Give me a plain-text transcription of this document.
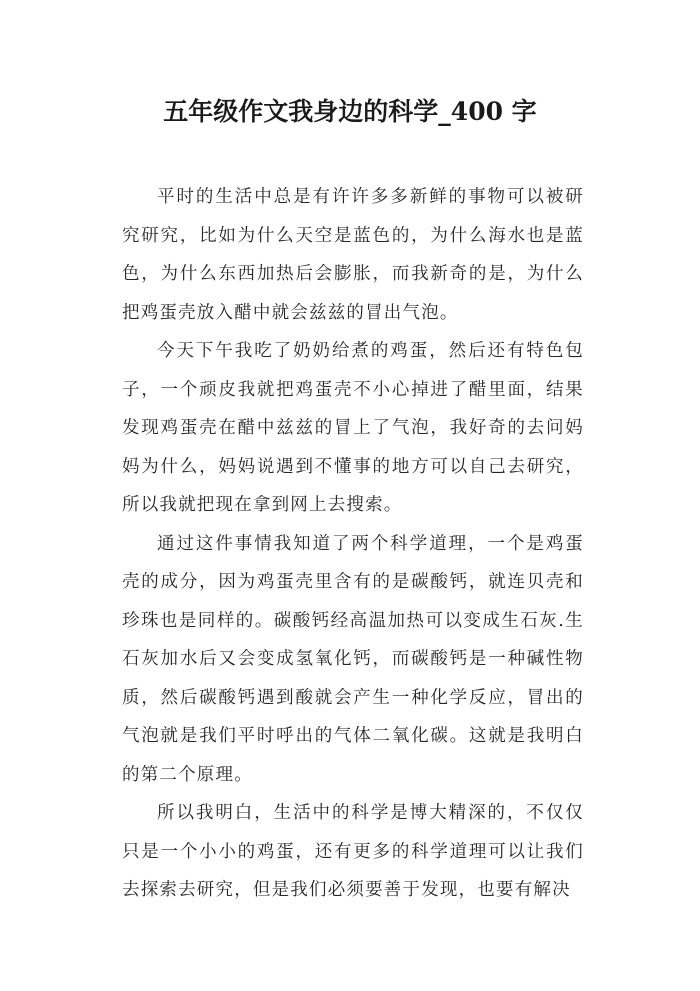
五年级作文我身边的科学_400 字

平时的生活中总是有许许多多新鲜的事物可以被研究研究，比如为什么天空是蓝色的，为什么海水也是蓝色，为什么东西加热后会膨胀，而我新奇的是，为什么把鸡蛋壳放入醋中就会兹兹的冒出气泡。

今天下午我吃了奶奶给煮的鸡蛋，然后还有特色包子，一个顽皮我就把鸡蛋壳不小心掉进了醋里面，结果发现鸡蛋壳在醋中兹兹的冒上了气泡，我好奇的去问妈妈为什么，妈妈说遇到不懂事的地方可以自己去研究，所以我就把现在拿到网上去搜索。

通过这件事情我知道了两个科学道理，一个是鸡蛋壳的成分，因为鸡蛋壳里含有的是碳酸钙，就连贝壳和珍珠也是同样的。碳酸钙经高温加热可以变成生石灰.生石灰加水后又会变成氢氧化钙，而碳酸钙是一种碱性物质，然后碳酸钙遇到酸就会产生一种化学反应，冒出的气泡就是我们平时呼出的气体二氧化碳。这就是我明白的第二个原理。

所以我明白，生活中的科学是博大精深的，不仅仅只是一个小小的鸡蛋，还有更多的科学道理可以让我们去探索去研究，但是我们必须要善于发现，也要有解决
